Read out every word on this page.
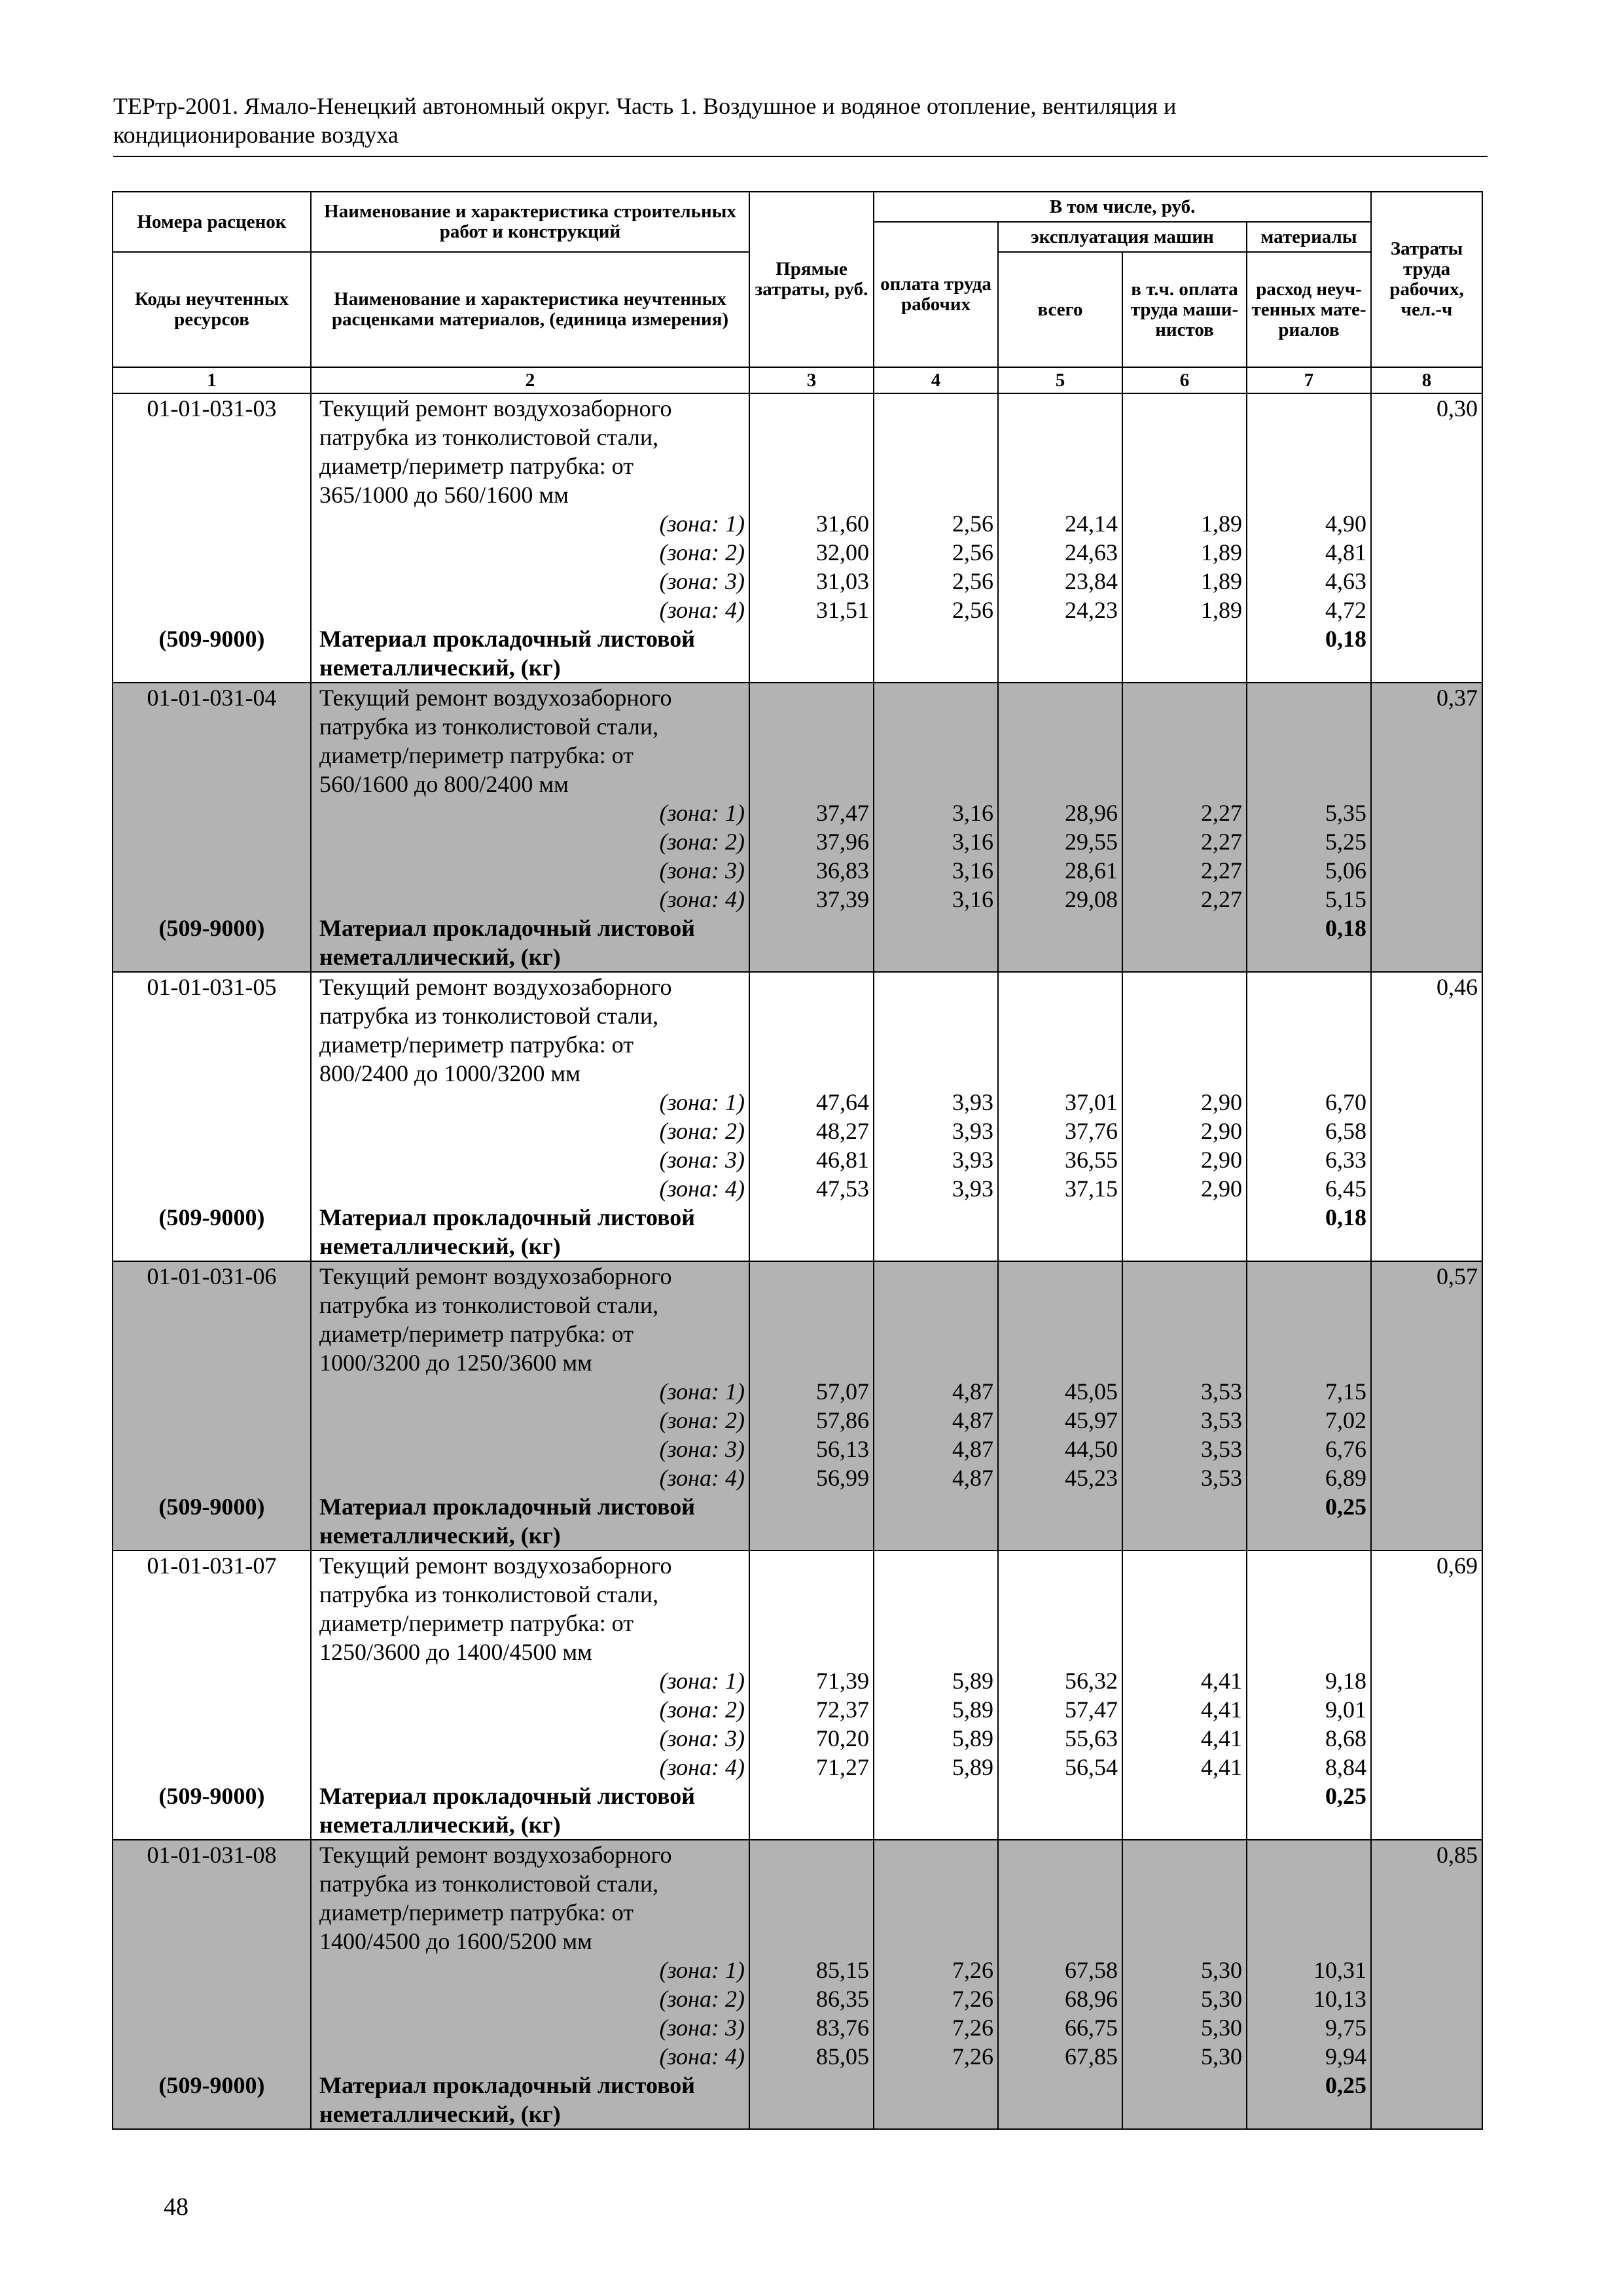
ТЕРтр-2001. Ямало-Ненецкий автономный округ. Часть 1. Воздушное и водяное отопление, вентиляция и
кондиционирование воздуха
Номера расценок	Наименование и характеристика строительных работ и конструкций	Прямые затраты, руб.	В том числе, руб.				Затраты труда рабочих, чел.-ч
			оплата труда рабочих	эксплуатация машин		материалы	
Коды неучтенных ресурсов	Наименование и характеристика неучтенных расценками материалов, (единица измерения)			всего	в т.ч. оплата труда маши-нистов	расход неуч-тенных мате-риалов	
1	2	3	4	5	6	7	8
01-01-031-03	Текущий ремонт воздухозаборного						0,30
	патрубка из тонколистовой стали,						
	диаметр/периметр патрубка: от						
	365/1000 до 560/1600 мм						
	(зона: 1)	31,60	2,56	24,14	1,89	4,90	
	(зона: 2)	32,00	2,56	24,63	1,89	4,81	
	(зона: 3)	31,03	2,56	23,84	1,89	4,63	
	(зона: 4)	31,51	2,56	24,23	1,89	4,72	
(509-9000)	Материал прокладочный листовой					0,18	
	неметаллический, (кг)						
01-01-031-04	Текущий ремонт воздухозаборного						0,37
	патрубка из тонколистовой стали,						
	диаметр/периметр патрубка: от						
	560/1600 до 800/2400 мм						
	(зона: 1)	37,47	3,16	28,96	2,27	5,35	
	(зона: 2)	37,96	3,16	29,55	2,27	5,25	
	(зона: 3)	36,83	3,16	28,61	2,27	5,06	
	(зона: 4)	37,39	3,16	29,08	2,27	5,15	
(509-9000)	Материал прокладочный листовой					0,18	
	неметаллический, (кг)						
01-01-031-05	Текущий ремонт воздухозаборного						0,46
	патрубка из тонколистовой стали,						
	диаметр/периметр патрубка: от						
	800/2400 до 1000/3200 мм						
	(зона: 1)	47,64	3,93	37,01	2,90	6,70	
	(зона: 2)	48,27	3,93	37,76	2,90	6,58	
	(зона: 3)	46,81	3,93	36,55	2,90	6,33	
	(зона: 4)	47,53	3,93	37,15	2,90	6,45	
(509-9000)	Материал прокладочный листовой					0,18	
	неметаллический, (кг)						
01-01-031-06	Текущий ремонт воздухозаборного						0,57
	патрубка из тонколистовой стали,						
	диаметр/периметр патрубка: от						
	1000/3200 до 1250/3600 мм						
	(зона: 1)	57,07	4,87	45,05	3,53	7,15	
	(зона: 2)	57,86	4,87	45,97	3,53	7,02	
	(зона: 3)	56,13	4,87	44,50	3,53	6,76	
	(зона: 4)	56,99	4,87	45,23	3,53	6,89	
(509-9000)	Материал прокладочный листовой					0,25	
	неметаллический, (кг)						
01-01-031-07	Текущий ремонт воздухозаборного						0,69
	патрубка из тонколистовой стали,						
	диаметр/периметр патрубка: от						
	1250/3600 до 1400/4500 мм						
	(зона: 1)	71,39	5,89	56,32	4,41	9,18	
	(зона: 2)	72,37	5,89	57,47	4,41	9,01	
	(зона: 3)	70,20	5,89	55,63	4,41	8,68	
	(зона: 4)	71,27	5,89	56,54	4,41	8,84	
(509-9000)	Материал прокладочный листовой					0,25	
	неметаллический, (кг)						
01-01-031-08	Текущий ремонт воздухозаборного						0,85
	патрубка из тонколистовой стали,						
	диаметр/периметр патрубка: от						
	1400/4500 до 1600/5200 мм						
	(зона: 1)	85,15	7,26	67,58	5,30	10,31	
	(зона: 2)	86,35	7,26	68,96	5,30	10,13	
	(зона: 3)	83,76	7,26	66,75	5,30	9,75	
	(зона: 4)	85,05	7,26	67,85	5,30	9,94	
(509-9000)	Материал прокладочный листовой					0,25	
	неметаллический, (кг)						
48
